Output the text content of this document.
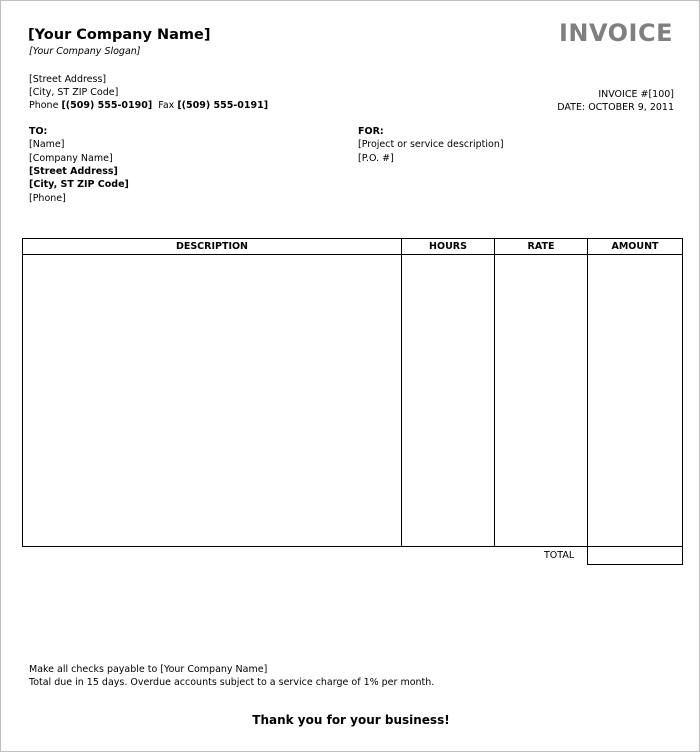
[Your Company Name]
[Your Company Slogan]
INVOICE
[Street Address]
[City, ST ZIP Code]
Phone [(509) 555-0190] Fax [(509) 555-0191]
INVOICE #[100]
DATE: OCTOBER 9, 2011
TO:
[Name]
[Company Name]
[Street Address]
[City, ST ZIP Code]
[Phone]
FOR:
[Project or service description]
[P.O. #]
DESCRIPTION	HOURS	RATE	AMOUNT

TOTAL
Make all checks payable to [Your Company Name]
Total due in 15 days. Overdue accounts subject to a service charge of 1% per month.
Thank you for your business!
